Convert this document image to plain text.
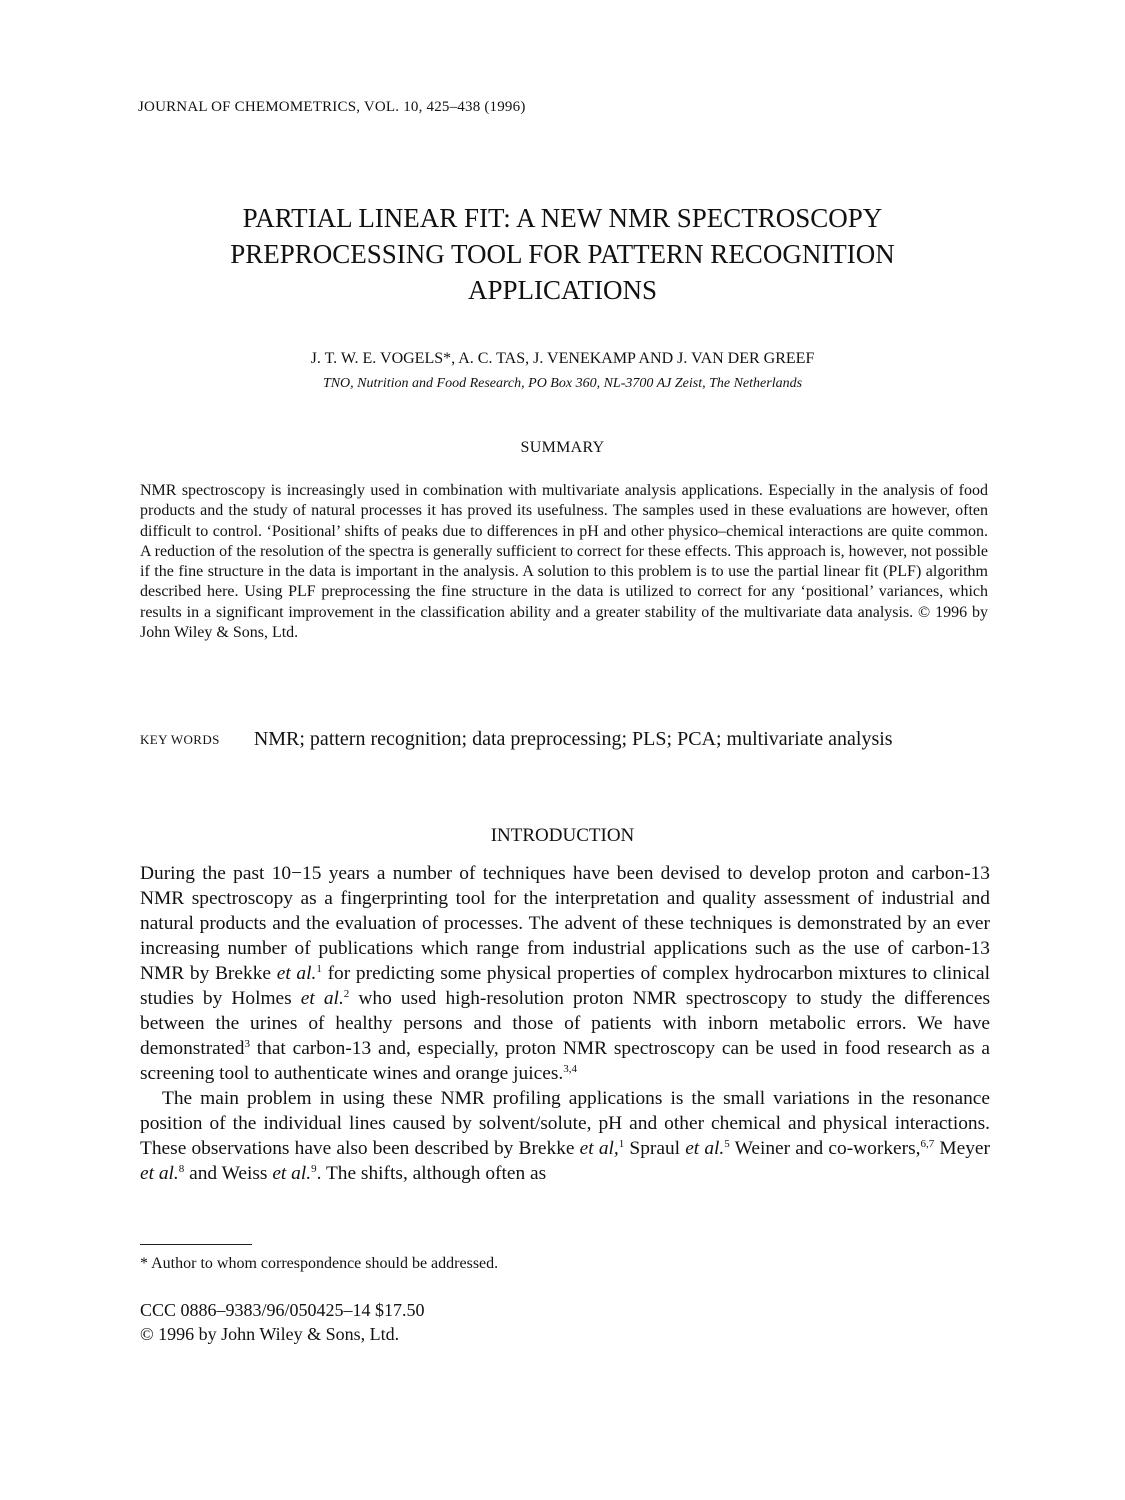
JOURNAL OF CHEMOMETRICS, VOL. 10, 425–438 (1996)
PARTIAL LINEAR FIT: A NEW NMR SPECTROSCOPY
PREPROCESSING TOOL FOR PATTERN RECOGNITION
APPLICATIONS
J. T. W. E. VOGELS*, A. C. TAS, J. VENEKAMP AND J. VAN DER GREEF
TNO, Nutrition and Food Research, PO Box 360, NL-3700 AJ Zeist, The Netherlands
SUMMARY
NMR spectroscopy is increasingly used in combination with multivariate analysis applications. Especially in the analysis of food products and the study of natural processes it has proved its usefulness. The samples used in these evaluations are however, often difficult to control. ‘Positional’ shifts of peaks due to differences in pH and other physico–chemical interactions are quite common. A reduction of the resolution of the spectra is generally sufficient to correct for these effects. This approach is, however, not possible if the fine structure in the data is important in the analysis. A solution to this problem is to use the partial linear fit (PLF) algorithm described here. Using PLF preprocessing the fine structure in the data is utilized to correct for any ‘positional’ variances, which results in a significant improvement in the classification ability and a greater stability of the multivariate data analysis. © 1996 by John Wiley & Sons, Ltd.
KEY WORDS NMR; pattern recognition; data preprocessing; PLS; PCA; multivariate analysis
INTRODUCTION

During the past 10−15 years a number of techniques have been devised to develop proton and carbon-13 NMR spectroscopy as a fingerprinting tool for the interpretation and quality assessment of industrial and natural products and the evaluation of processes. The advent of these techniques is demonstrated by an ever increasing number of publications which range from industrial applications such as the use of carbon-13 NMR by Brekke et al.$^1$ for predicting some physical properties of complex hydrocarbon mixtures to clinical studies by Holmes et al.$^2$ who used high-resolution proton NMR spectroscopy to study the differences between the urines of healthy persons and those of patients with inborn metabolic errors. We have demonstrated$^3$ that carbon-13 and, especially, proton NMR spectroscopy can be used in food research as a screening tool to authenticate wines and orange juices.$^{3,4}$

The main problem in using these NMR profiling applications is the small variations in the resonance position of the individual lines caused by solvent/solute, pH and other chemical and physical interactions. These observations have also been described by Brekke et al,$^1$ Spraul et al.$^5$ Weiner and co-workers,$^{6,7}$ Meyer et al.$^8$ and Weiss et al.$^9$. The shifts, although often as

* Author to whom correspondence should be addressed.
CCC 0886–9383/96/050425–14 $17.50
© 1996 by John Wiley & Sons, Ltd.
